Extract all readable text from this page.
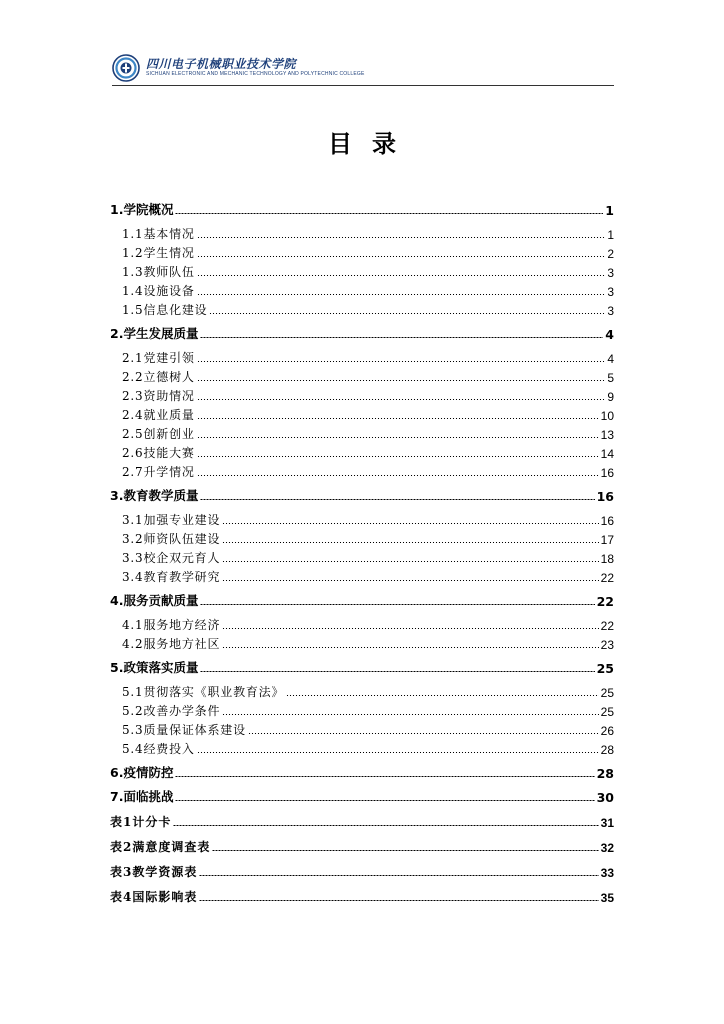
四川电子机械职业技术学院
SICHUAN ELECTRONIC AND MECHANIC TECHNOLOGY AND POLYTECHNIC COLLEGE
目录
1.学院概况	1
1.1基本情况	1
1.2学生情况	2
1.3教师队伍	3
1.4设施设备	3
1.5信息化建设	3
2.学生发展质量	4
2.1党建引领	4
2.2立德树人	5
2.3资助情况	9
2.4就业质量	10
2.5创新创业	13
2.6技能大赛	14
2.7升学情况	16
3.教育教学质量	16
3.1加强专业建设	16
3.2师资队伍建设	17
3.3校企双元育人	18
3.4教育教学研究	22
4.服务贡献质量	22
4.1服务地方经济	22
4.2服务地方社区	23
5.政策落实质量	25
5.1贯彻落实《职业教育法》	25
5.2改善办学条件	25
5.3质量保证体系建设	26
5.4经费投入	28
6.疫情防控	28
7.面临挑战	30
表1计分卡	31
表2满意度调查表	32
表3教学资源表	33
表4国际影响表	35
